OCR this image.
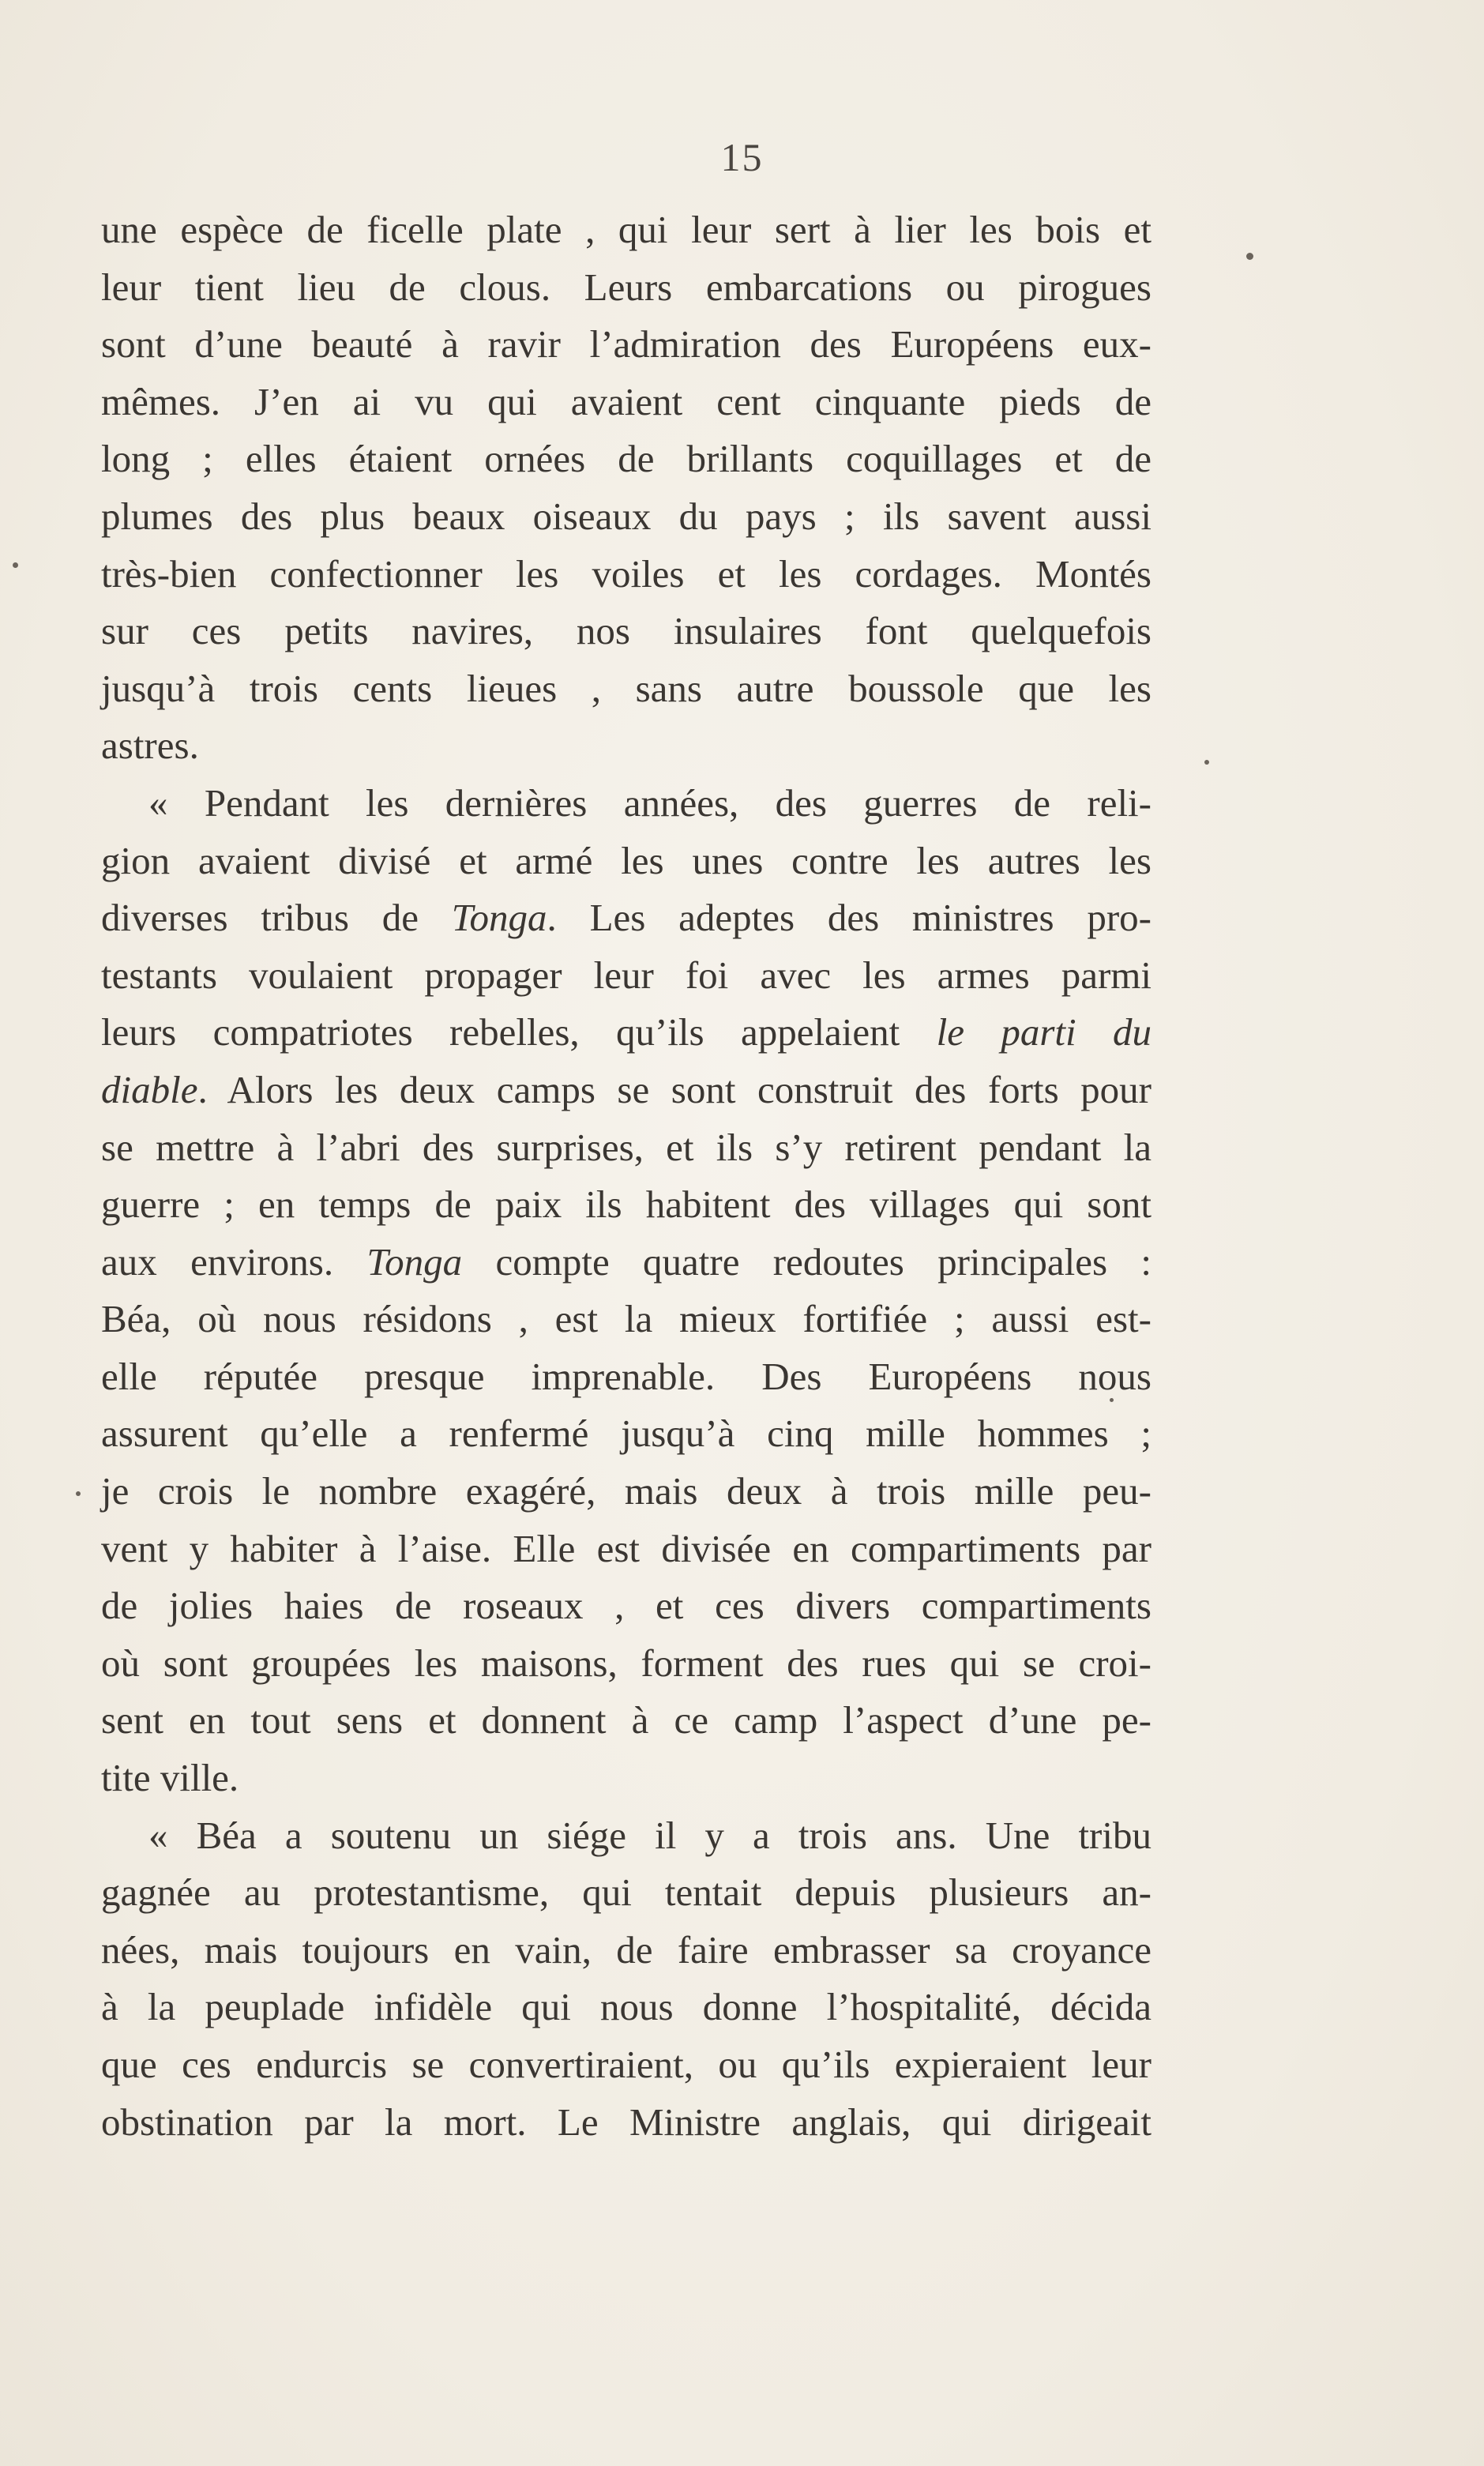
15
une espèce de ficelle plate , qui leur sert à lier les bois et
leur tient lieu de clous. Leurs embarcations ou pirogues
sont d’une beauté à ravir l’admiration des Européens eux-
mêmes. J’en ai vu qui avaient cent cinquante pieds de
long ; elles étaient ornées de brillants coquillages et de
plumes des plus beaux oiseaux du pays ; ils savent aussi
très-bien confectionner les voiles et les cordages. Montés
sur ces petits navires, nos insulaires font quelquefois
jusqu’à trois cents lieues , sans autre boussole que les
astres.
« Pendant les dernières années, des guerres de reli-
gion avaient divisé et armé les unes contre les autres les
diverses tribus de Tonga. Les adeptes des ministres pro-
testants voulaient propager leur foi avec les armes parmi
leurs compatriotes rebelles, qu’ils appelaient le parti du
diable. Alors les deux camps se sont construit des forts pour
se mettre à l’abri des surprises, et ils s’y retirent pendant la
guerre ; en temps de paix ils habitent des villages qui sont
aux environs. Tonga compte quatre redoutes principales :
Béa, où nous résidons , est la mieux fortifiée ; aussi est-
elle réputée presque imprenable. Des Européens nous
assurent qu’elle a renfermé jusqu’à cinq mille hommes ;
je crois le nombre exagéré, mais deux à trois mille peu-
vent y habiter à l’aise. Elle est divisée en compartiments par
de jolies haies de roseaux , et ces divers compartiments
où sont groupées les maisons, forment des rues qui se croi-
sent en tout sens et donnent à ce camp l’aspect d’une pe-
tite ville.
« Béa a soutenu un siége il y a trois ans. Une tribu
gagnée au protestantisme, qui tentait depuis plusieurs an-
nées, mais toujours en vain, de faire embrasser sa croyance
à la peuplade infidèle qui nous donne l’hospitalité, décida
que ces endurcis se convertiraient, ou qu’ils expieraient leur
obstination par la mort. Le Ministre anglais, qui dirigeait
